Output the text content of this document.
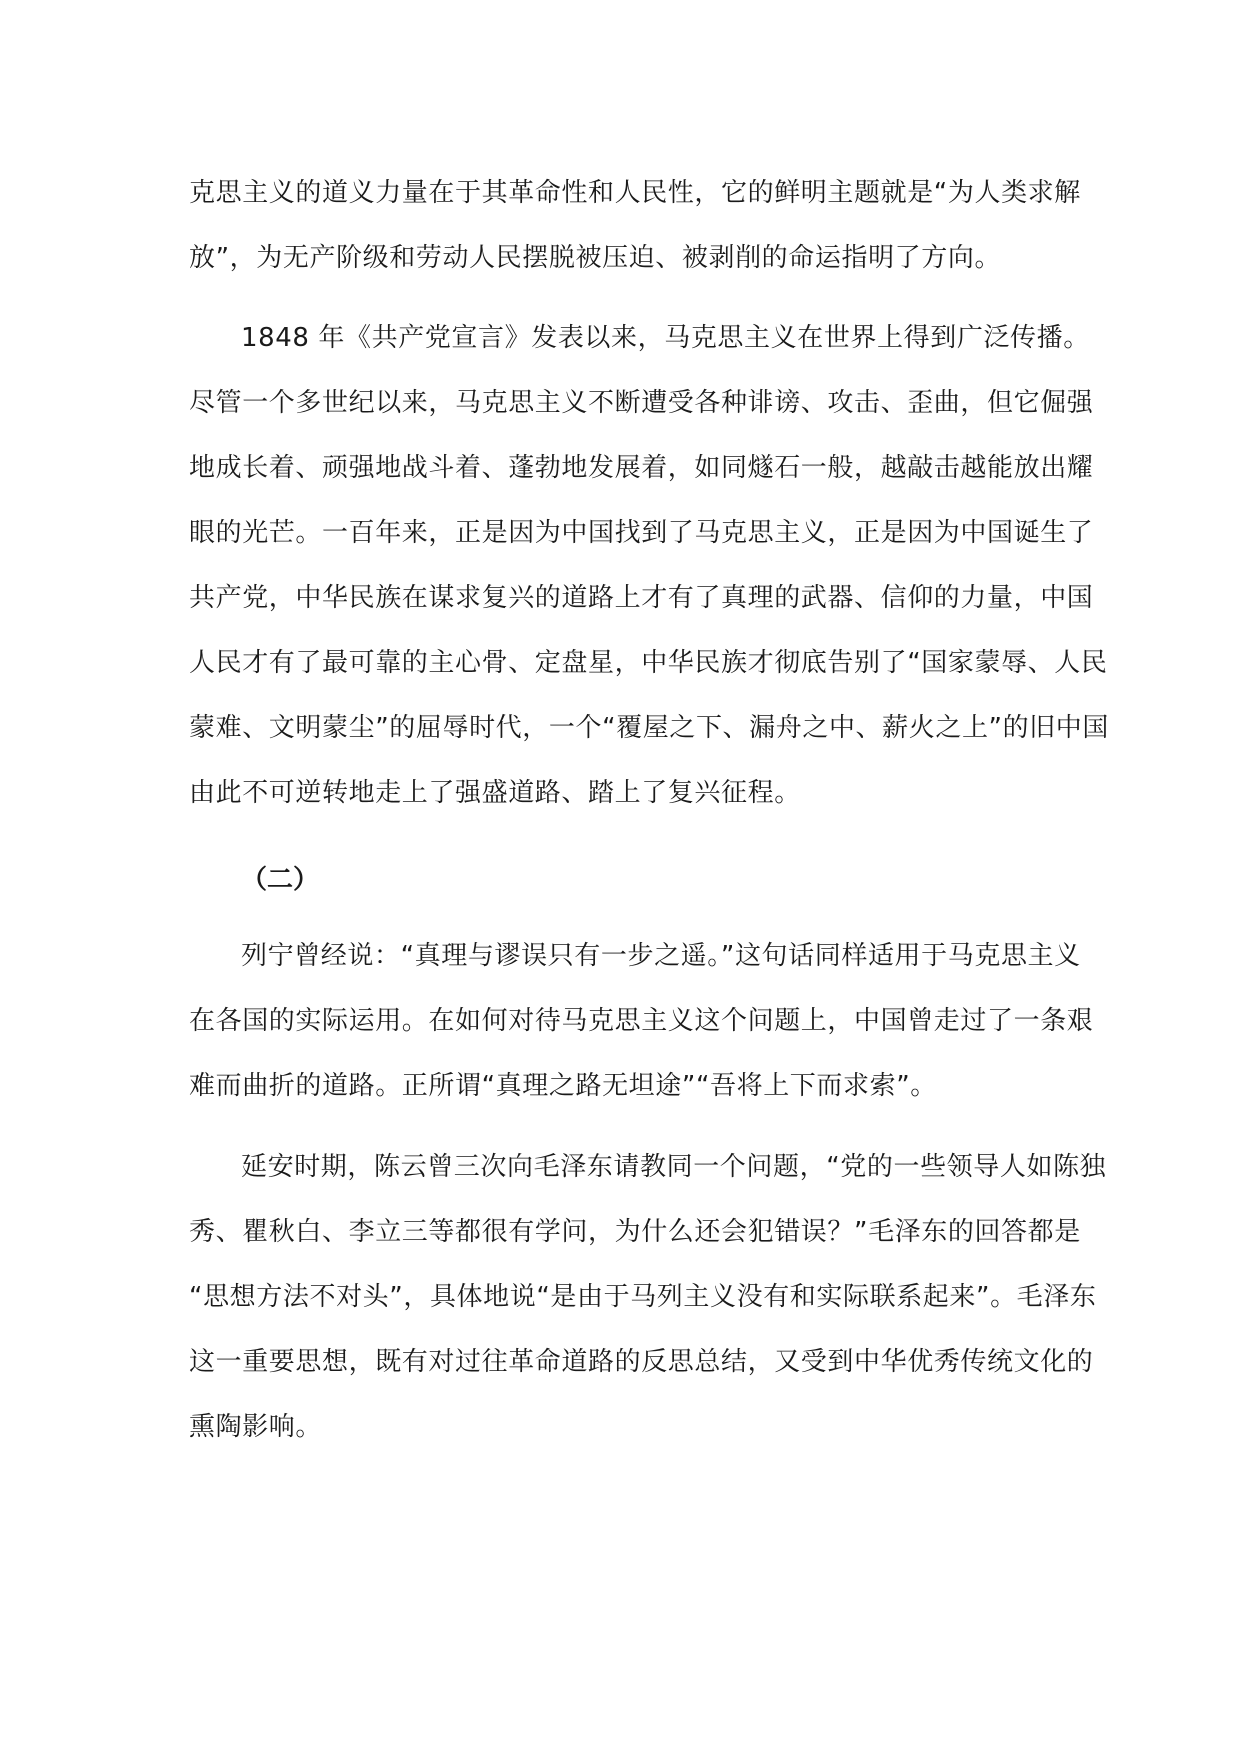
克思主义的道义力量在于其革命性和人民性，它的鲜明主题就是“为人类求解
放”，为无产阶级和劳动人民摆脱被压迫、被剥削的命运指明了方向。
1848 年《共产党宣言》发表以来，马克思主义在世界上得到广泛传播。
尽管一个多世纪以来，马克思主义不断遭受各种诽谤、攻击、歪曲，但它倔强
地成长着、顽强地战斗着、蓬勃地发展着，如同燧石一般，越敲击越能放出耀
眼的光芒。一百年来，正是因为中国找到了马克思主义，正是因为中国诞生了
共产党，中华民族在谋求复兴的道路上才有了真理的武器、信仰的力量，中国
人民才有了最可靠的主心骨、定盘星，中华民族才彻底告别了“国家蒙辱、人民
蒙难、文明蒙尘”的屈辱时代，一个“覆屋之下、漏舟之中、薪火之上”的旧中国
由此不可逆转地走上了强盛道路、踏上了复兴征程。
（二）
列宁曾经说：“真理与谬误只有一步之遥。”这句话同样适用于马克思主义
在各国的实际运用。在如何对待马克思主义这个问题上，中国曾走过了一条艰
难而曲折的道路。正所谓“真理之路无坦途”“吾将上下而求索”。
延安时期，陈云曾三次向毛泽东请教同一个问题，“党的一些领导人如陈独
秀、瞿秋白、李立三等都很有学问，为什么还会犯错误？”毛泽东的回答都是
“思想方法不对头”，具体地说“是由于马列主义没有和实际联系起来”。毛泽东
这一重要思想，既有对过往革命道路的反思总结，又受到中华优秀传统文化的
熏陶影响。
